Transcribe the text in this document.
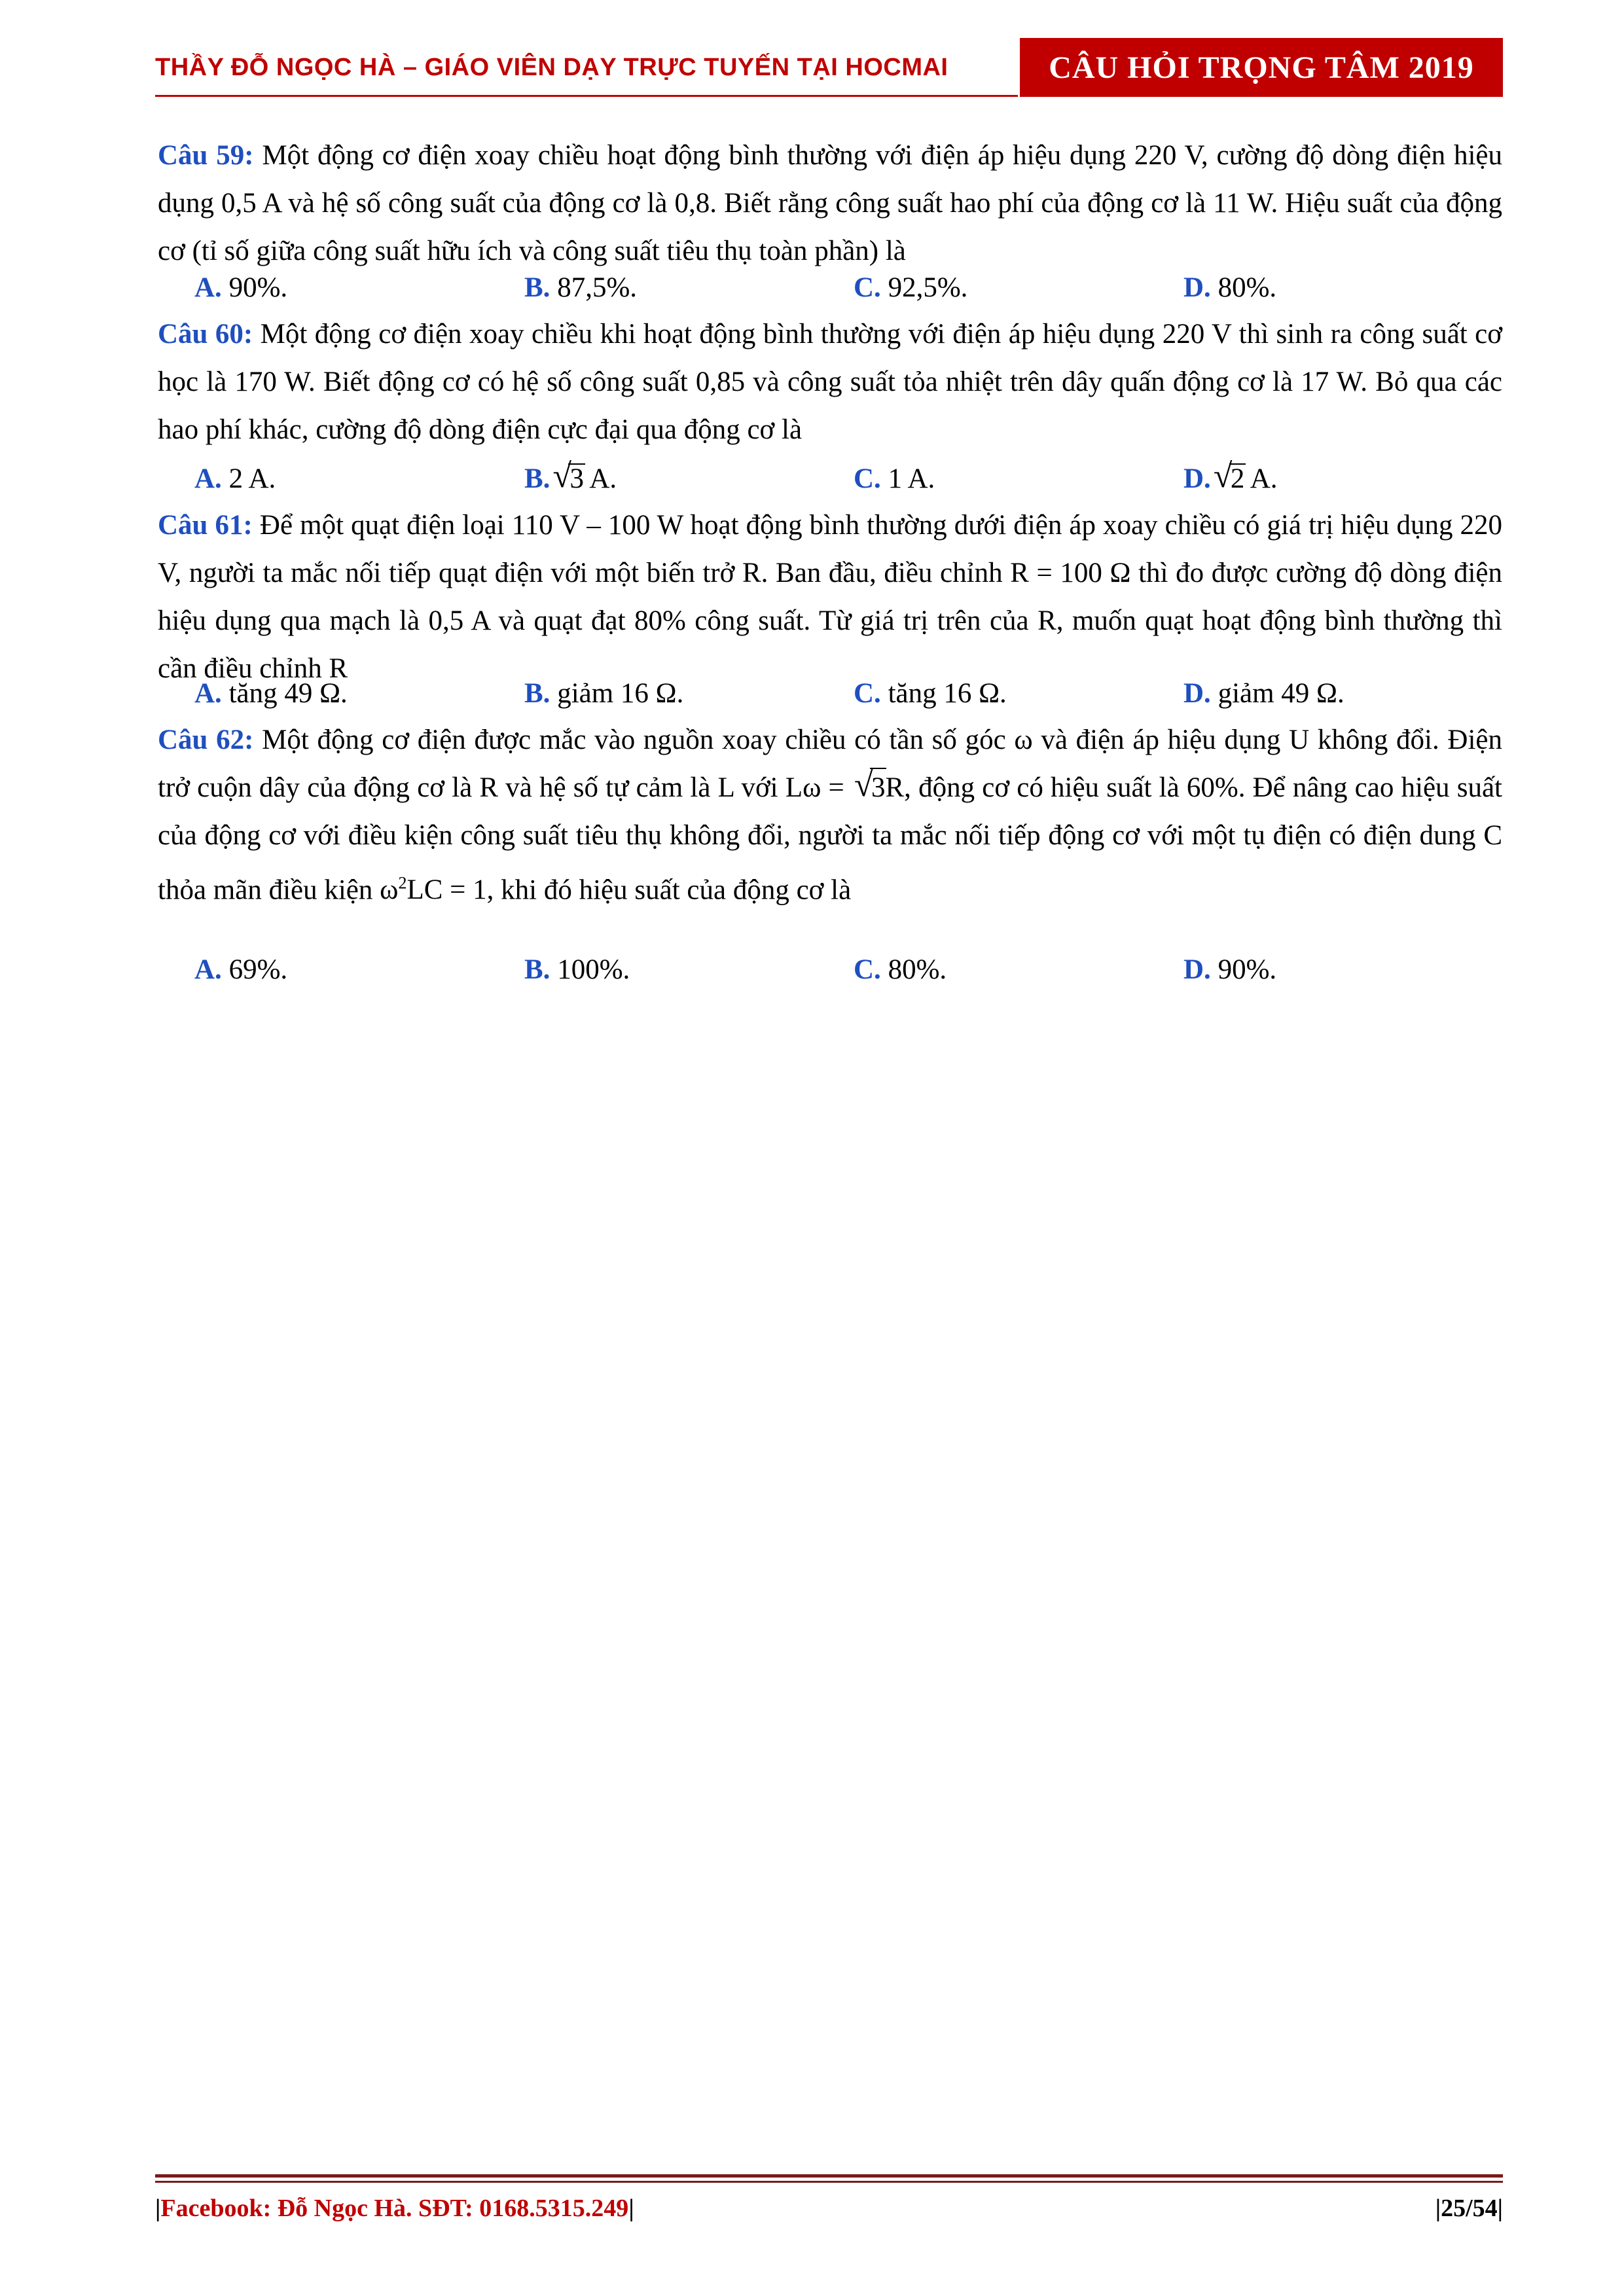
THẦY ĐỖ NGỌC HÀ – GIÁO VIÊN DẠY TRỰC TUYẾN TẠI HOCMAI	CÂU HỎI TRỌNG TÂM 2019
Câu 59: Một động cơ điện xoay chiều hoạt động bình thường với điện áp hiệu dụng 220 V, cường độ dòng điện hiệu dụng 0,5 A và hệ số công suất của động cơ là 0,8. Biết rằng công suất hao phí của động cơ là 11 W. Hiệu suất của động cơ (tỉ số giữa công suất hữu ích và công suất tiêu thụ toàn phần) là
A. 90%.	B. 87,5%.	C. 92,5%.	D. 80%.
Câu 60: Một động cơ điện xoay chiều khi hoạt động bình thường với điện áp hiệu dụng 220 V thì sinh ra công suất cơ học là 170 W. Biết động cơ có hệ số công suất 0,85 và công suất tỏa nhiệt trên dây quấn động cơ là 17 W. Bỏ qua các hao phí khác, cường độ dòng điện cực đại qua động cơ là
A. 2 A.	B. √ 3 A.	C. 1 A.	D. √ 2 A.
Câu 61: Để một quạt điện loại 110 V – 100 W hoạt động bình thường dưới điện áp xoay chiều có giá trị hiệu dụng 220 V, người ta mắc nối tiếp quạt điện với một biến trở R. Ban đầu, điều chỉnh R = 100 Ω thì đo được cường độ dòng điện hiệu dụng qua mạch là 0,5 A và quạt đạt 80% công suất. Từ giá trị trên của R, muốn quạt hoạt động bình thường thì cần điều chỉnh R
A. tăng 49 Ω.	B. giảm 16 Ω.	C. tăng 16 Ω.	D. giảm 49 Ω.
Câu 62: Một động cơ điện được mắc vào nguồn xoay chiều có tần số góc ω và điện áp hiệu dụng U không đổi. Điện trở cuộn dây của động cơ là R và hệ số tự cảm là L với Lω = √ 3R, động cơ có hiệu suất là 60%. Để nâng cao hiệu suất của động cơ với điều kiện công suất tiêu thụ không đổi, người ta mắc nối tiếp động cơ với một tụ điện có điện dung C thỏa mãn điều kiện $\omega^2LC = 1$, khi đó hiệu suất của động cơ là
A. 69%.	B. 100%.	C. 80%.	D. 90%.
|Facebook: Đỗ Ngọc Hà. SĐT: 0168.5315.249|	|25/54|
